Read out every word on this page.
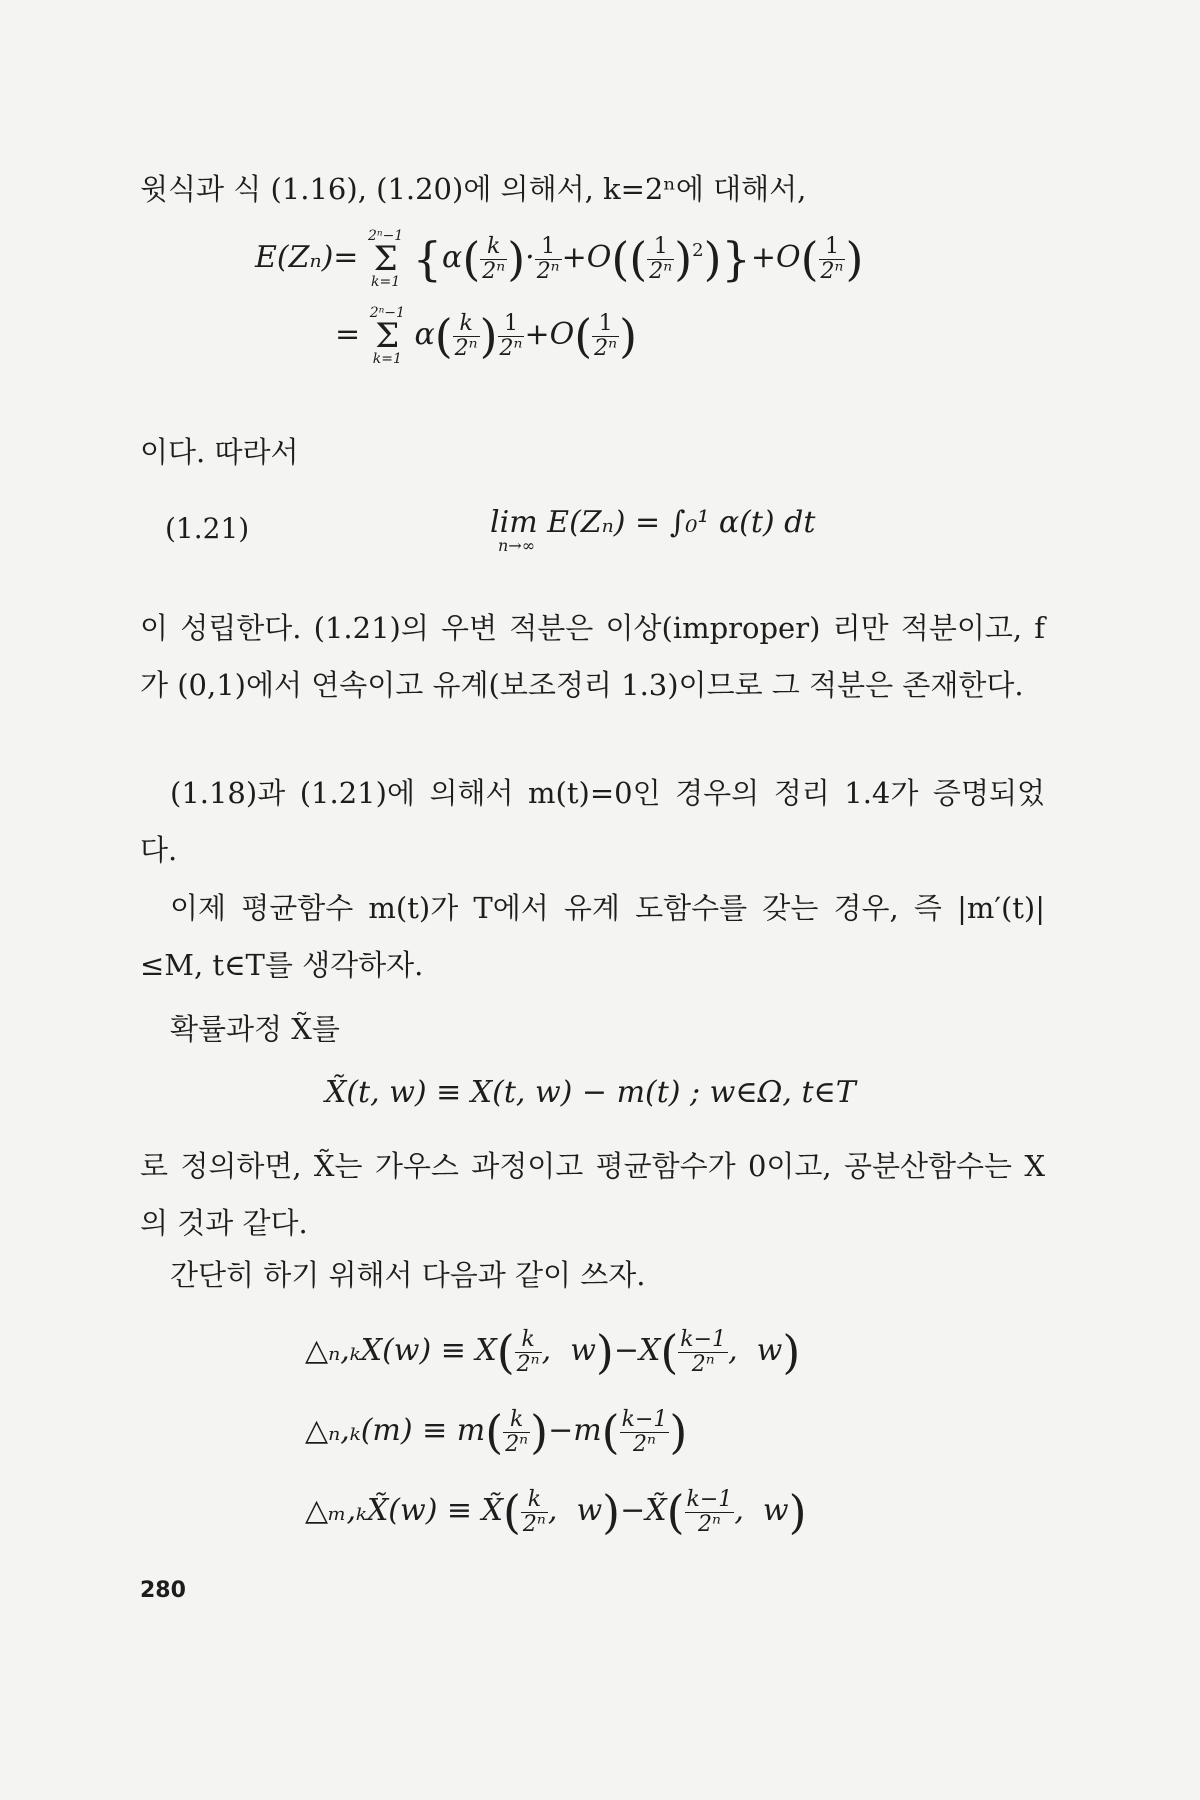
윗식과 식 (1.16), (1.20)에 의해서, k=2ⁿ에 대해서,

E(Zₙ)= 2ⁿ−1
Σ
k=1 {$\alpha( \frac{k}{\text{2ⁿ}}$ )· $\frac{1}{\text{2ⁿ}} +O(( \frac{1}{\text{2ⁿ}} )^2)\}+O( \frac{1}{\text{2ⁿ}}$ )
= 2ⁿ−1
Σ
k=1 $\alpha( \frac{k}{\text{2ⁿ}}$ ) $\frac{1}{\text{2ⁿ}} +O( \frac{1}{\text{2ⁿ}}$ )

이다. 따라서

(1.21)	lim E(Zₙ) = ∫₀¹ α(t) dt
n→∞

이 성립한다. (1.21)의 우변 적분은 이상(improper) 리만 적분이고, f가 (0,1)에서 연속이고 유계(보조정리 1.3)이므로 그 적분은 존재한다.

(1.18)과 (1.21)에 의해서 m(t)=0인 경우의 정리 1.4가 증명되었다.

이제 평균함수 m(t)가 T에서 유계 도함수를 갖는 경우, 즉 |m′(t)|≤M, t∈T를 생각하자.

확률과정 X̃를

X̃(t, w) ≡ X(t, w) − m(t) ; w∈Ω, t∈T

로 정의하면, X̃는 가우스 과정이고 평균함수가 0이고, 공분산함수는 X의 것과 같다.

간단히 하기 위해서 다음과 같이 쓰자.

△ₙ,ₖX(w) ≡ $X( \frac{k}{\text{2ⁿ}}$ ,  $w)-X( \frac{k-1}{\text{2ⁿ}}$ ,  w)
△ₙ,ₖ(m) ≡ $m( \frac{k}{\text{2ⁿ}} )-m( \frac{k-1}{\text{2ⁿ}}$ )
△ₘ,ₖX̃(w) ≡ X̃( $\frac{k}{\text{2ⁿ}}$ ,  w)−X̃( $\frac{k-1}{\text{2ⁿ}}$ ,  w)
280
